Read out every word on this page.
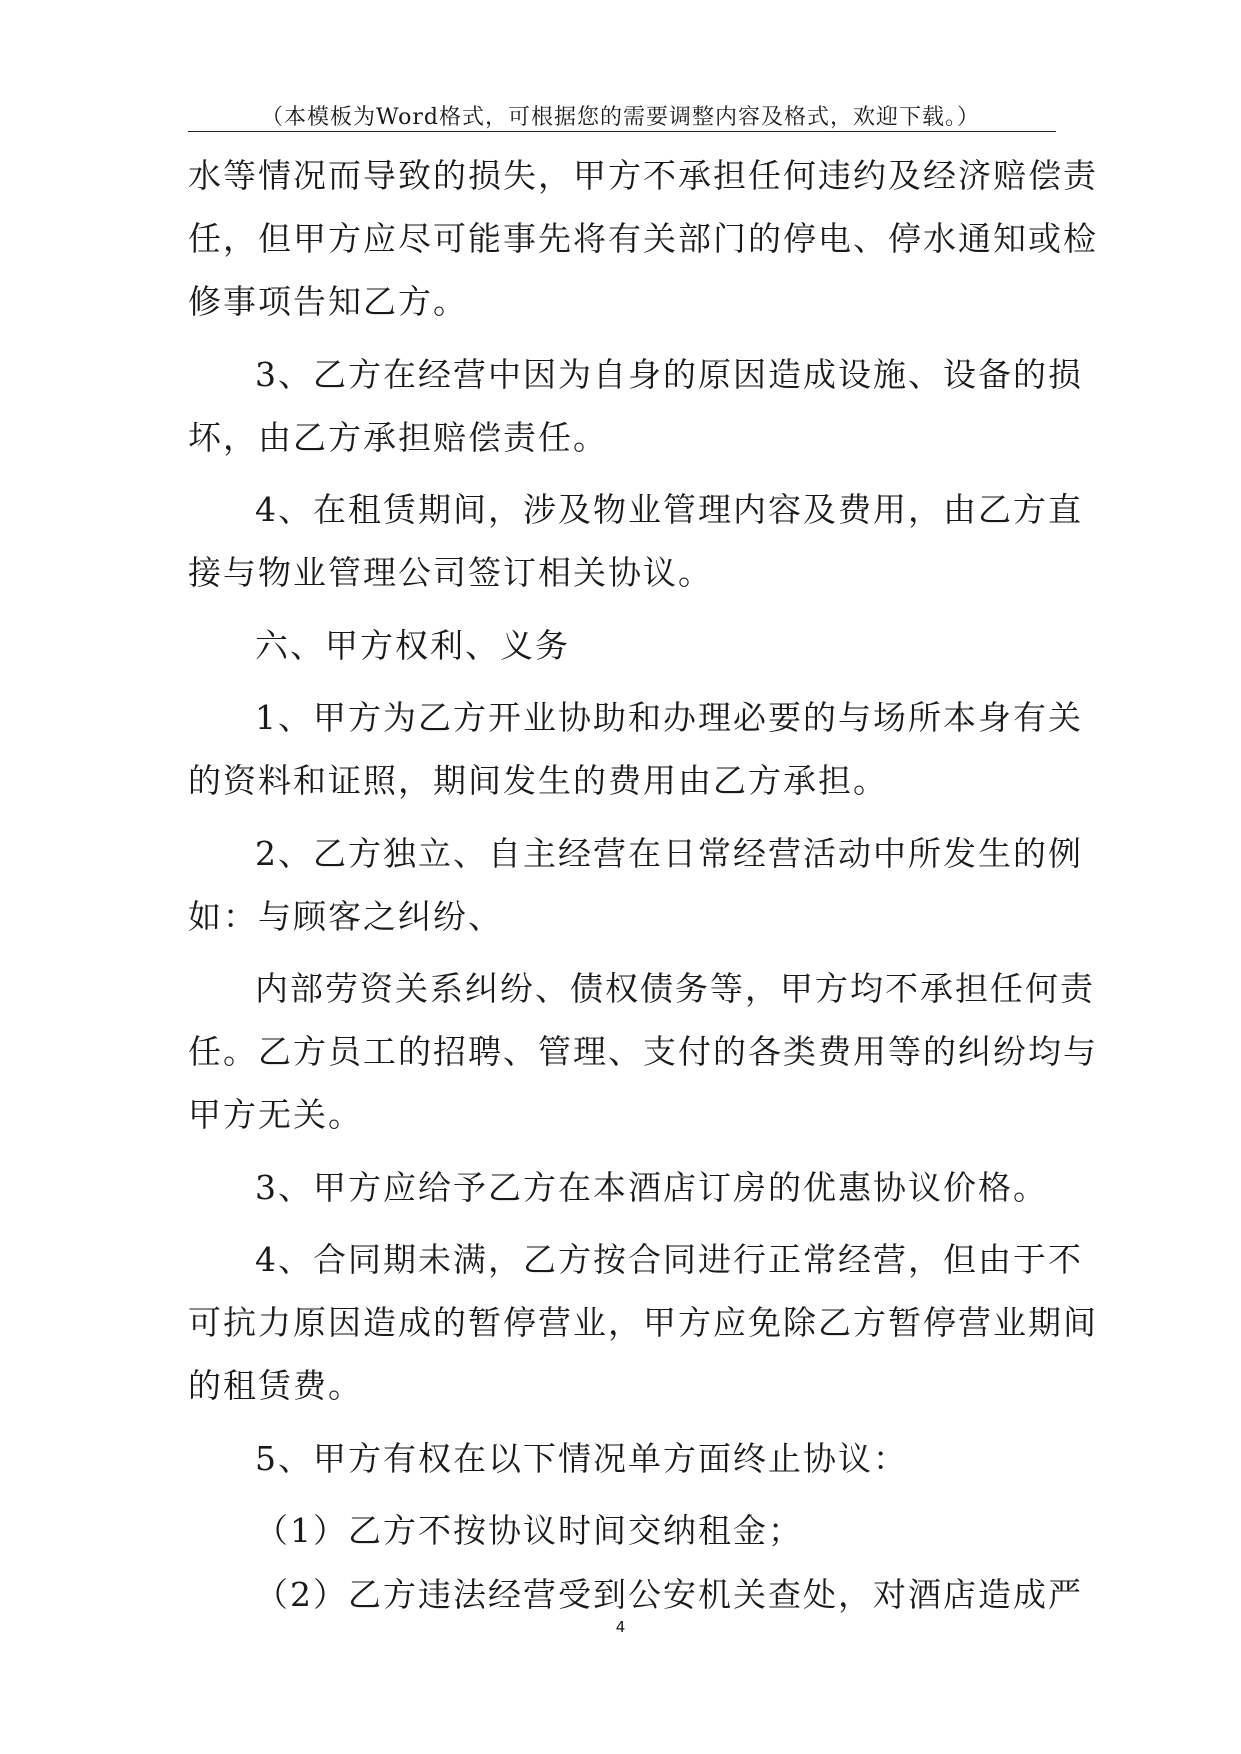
（本模板为Word格式，可根据您的需要调整内容及格式，欢迎下载。）
水等情况而导致的损失，甲方不承担任何违约及经济赔偿责
任，但甲方应尽可能事先将有关部门的停电、停水通知或检
修事项告知乙方。
3、乙方在经营中因为自身的原因造成设施、设备的损
坏，由乙方承担赔偿责任。
4、在租赁期间，涉及物业管理内容及费用，由乙方直
接与物业管理公司签订相关协议。
六、甲方权利、义务
1、甲方为乙方开业协助和办理必要的与场所本身有关
的资料和证照，期间发生的费用由乙方承担。
2、乙方独立、自主经营在日常经营活动中所发生的例
如：与顾客之纠纷、
内部劳资关系纠纷、债权债务等，甲方均不承担任何责
任。乙方员工的招聘、管理、支付的各类费用等的纠纷均与
甲方无关。
3、甲方应给予乙方在本酒店订房的优惠协议价格。
4、合同期未满，乙方按合同进行正常经营，但由于不
可抗力原因造成的暂停营业，甲方应免除乙方暂停营业期间
的租赁费。
5、甲方有权在以下情况单方面终止协议：
（1）乙方不按协议时间交纳租金；
（2）乙方违法经营受到公安机关查处，对酒店造成严
4
